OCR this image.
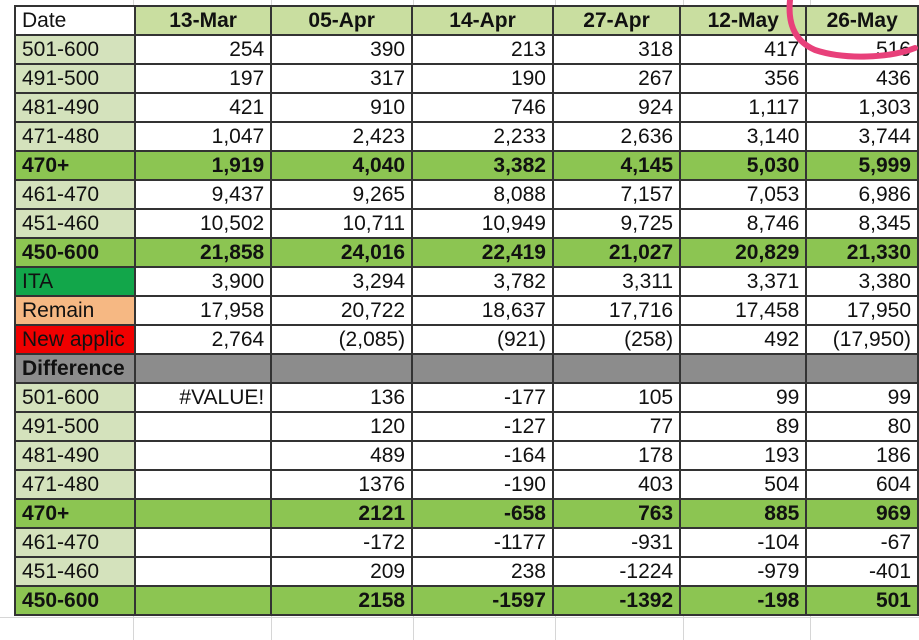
Date	13-Mar	05-Apr	14-Apr	27-Apr	12-May	26-May
501-600	254	390	213	318	417	516
491-500	197	317	190	267	356	436
481-490	421	910	746	924	1,117	1,303
471-480	1,047	2,423	2,233	2,636	3,140	3,744
470+	1,919	4,040	3,382	4,145	5,030	5,999
461-470	9,437	9,265	8,088	7,157	7,053	6,986
451-460	10,502	10,711	10,949	9,725	8,746	8,345
450-600	21,858	24,016	22,419	21,027	20,829	21,330
ITA	3,900	3,294	3,782	3,311	3,371	3,380
Remain	17,958	20,722	18,637	17,716	17,458	17,950
New applic	2,764	(2,085)	(921)	(258)	492	(17,950)
Difference						
501-600	#VALUE!	136	-177	105	99	99
491-500		120	-127	77	89	80
481-490		489	-164	178	193	186
471-480		1376	-190	403	504	604
470+		2121	-658	763	885	969
461-470		-172	-1177	-931	-104	-67
451-460		209	238	-1224	-979	-401
450-600		2158	-1597	-1392	-198	501
